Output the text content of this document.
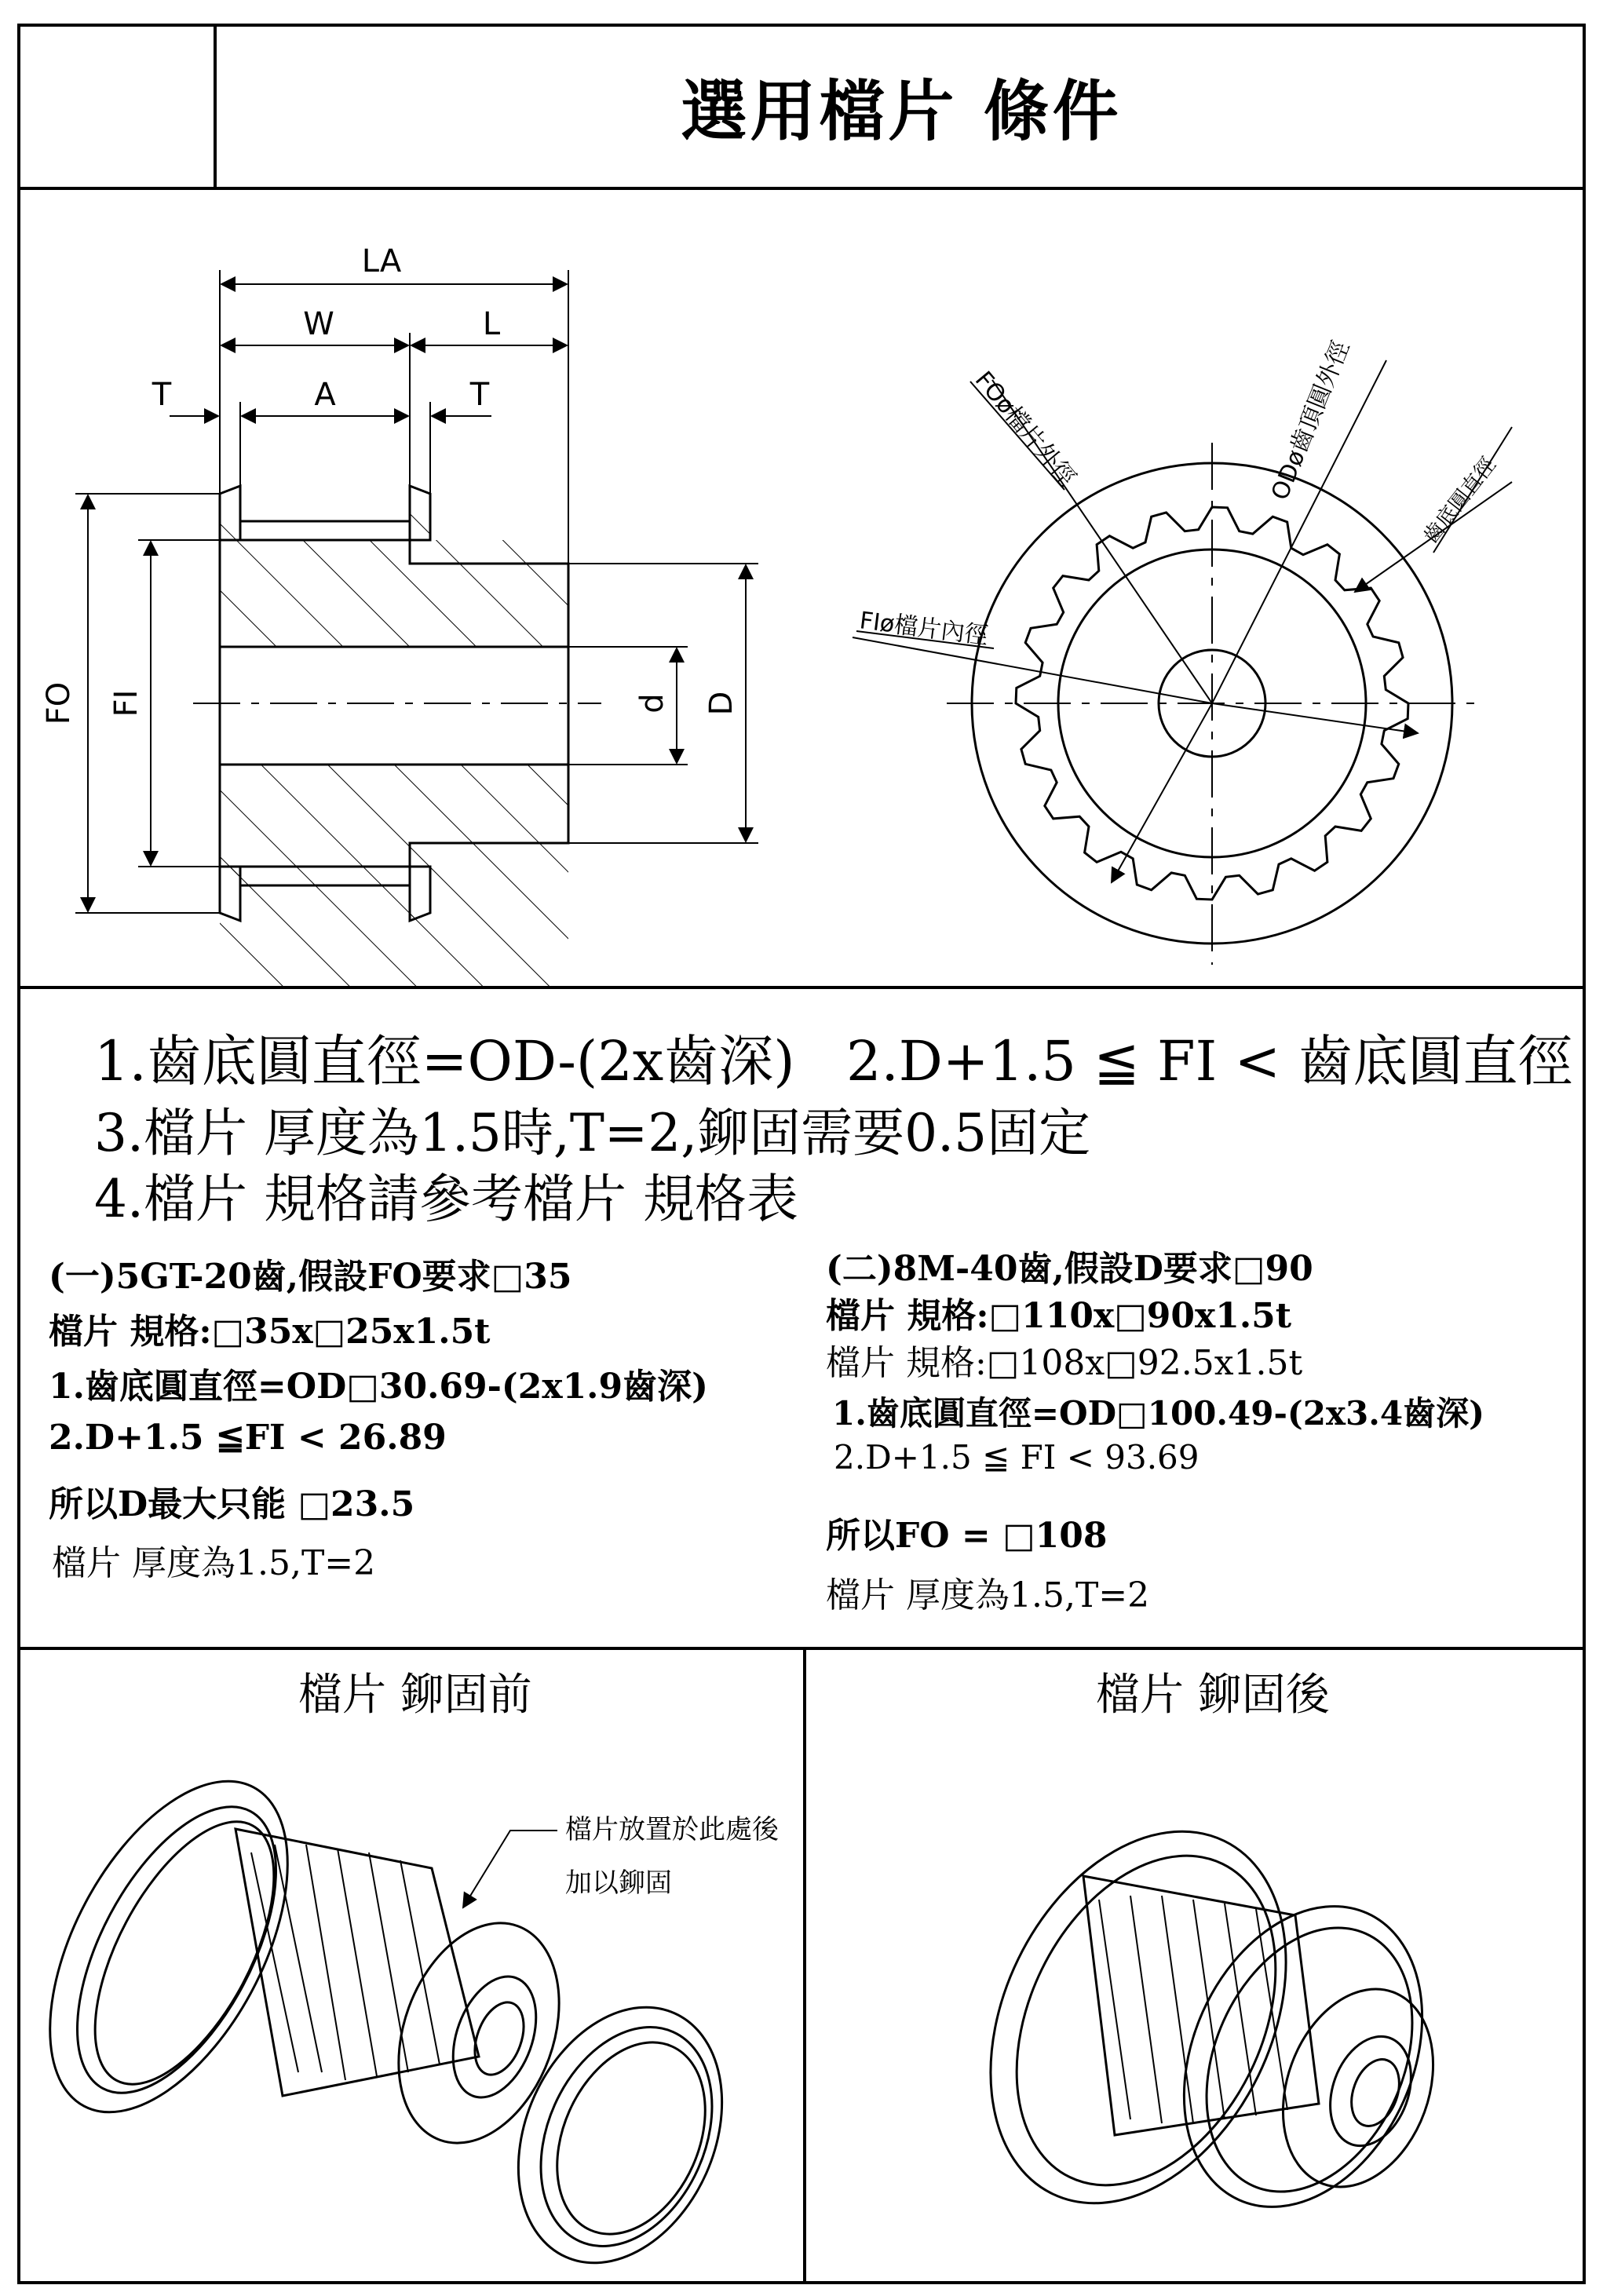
選用檔片 條件
LA
W	L
T	A	T
FO FI	d D
FOø檔片外徑	ODø齒頂圓外徑	齒底圓直徑
FIø檔片內徑
1.齒底圓直徑=OD-(2x齒深) 2.D+1.5 ≦ FI < 齒底圓直徑
3.檔片 厚度為1.5時,T=2,鉚固需要0.5固定
4.檔片 規格請參考檔片 規格表
(一)5GT-20齒,假設FO要求□35
檔片 規格:□35x□25x1.5t
1.齒底圓直徑=OD□30.69-(2x1.9齒深)
2.D+1.5 ≦FI < 26.89
所以D最大只能 □23.5
檔片 厚度為1.5,T=2
(二)8M-40齒,假設D要求□90
檔片 規格:□110x□90x1.5t
檔片 規格:□108x□92.5x1.5t
1.齒底圓直徑=OD□100.49-(2x3.4齒深)
2.D+1.5 ≦ FI < 93.69
所以FO = □108
檔片 厚度為1.5,T=2
檔片 鉚固前	檔片 鉚固後
檔片放置於此處後
加以鉚固
